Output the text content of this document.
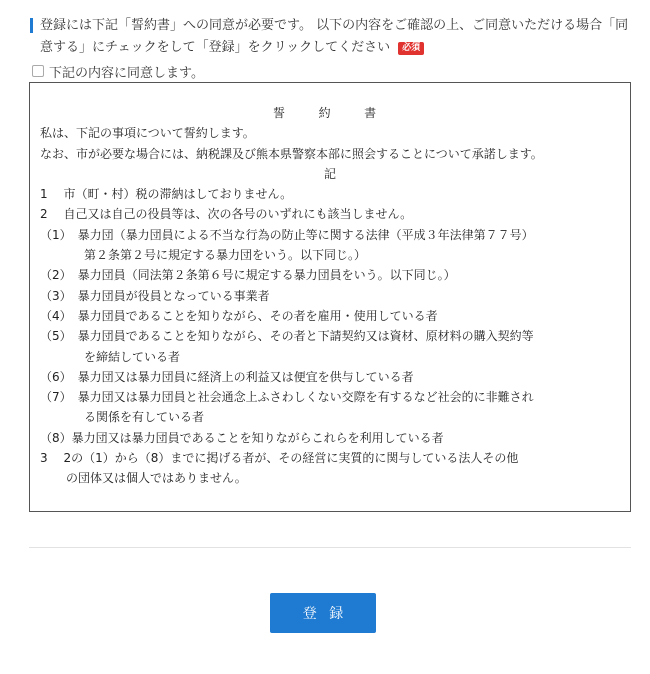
登録には下記「誓約書」への同意が必要です。 以下の内容をご確認の上、ご同意いただける場合「同意する」にチェックをして「登録」をクリックしてください 必須
下記の内容に同意します。
誓　約　書
私は、下記の事項について誓約します。
なお、市が必要な場合には、納税課及び熊本県警察本部に照会することについて承諾します。
記
1　 市（町・村）税の滞納はしておりません。
2　 自己又は自己の役員等は、次の各号のいずれにも該当しません。
（1）　暴力団（暴力団員による不当な行為の防止等に関する法律（平成３年法律第７７号）
第２条第２号に規定する暴力団をいう。以下同じ。）
（2）　暴力団員（同法第２条第６号に規定する暴力団員をいう。以下同じ。）
（3）　暴力団員が役員となっている事業者
（4）　暴力団員であることを知りながら、その者を雇用・使用している者
（5）　暴力団員であることを知りながら、その者と下請契約又は資材、原材料の購入契約等
を締結している者
（6）　暴力団又は暴力団員に経済上の利益又は便宜を供与している者
（7）　暴力団又は暴力団員と社会通念上ふさわしくない交際を有するなど社会的に非難され
る関係を有している者
（8）暴力団又は暴力団員であることを知りながらこれらを利用している者
3　 2の（1）から（8）までに掲げる者が、その経営に実質的に関与している法人その他
の団体又は個人ではありません。
登録
